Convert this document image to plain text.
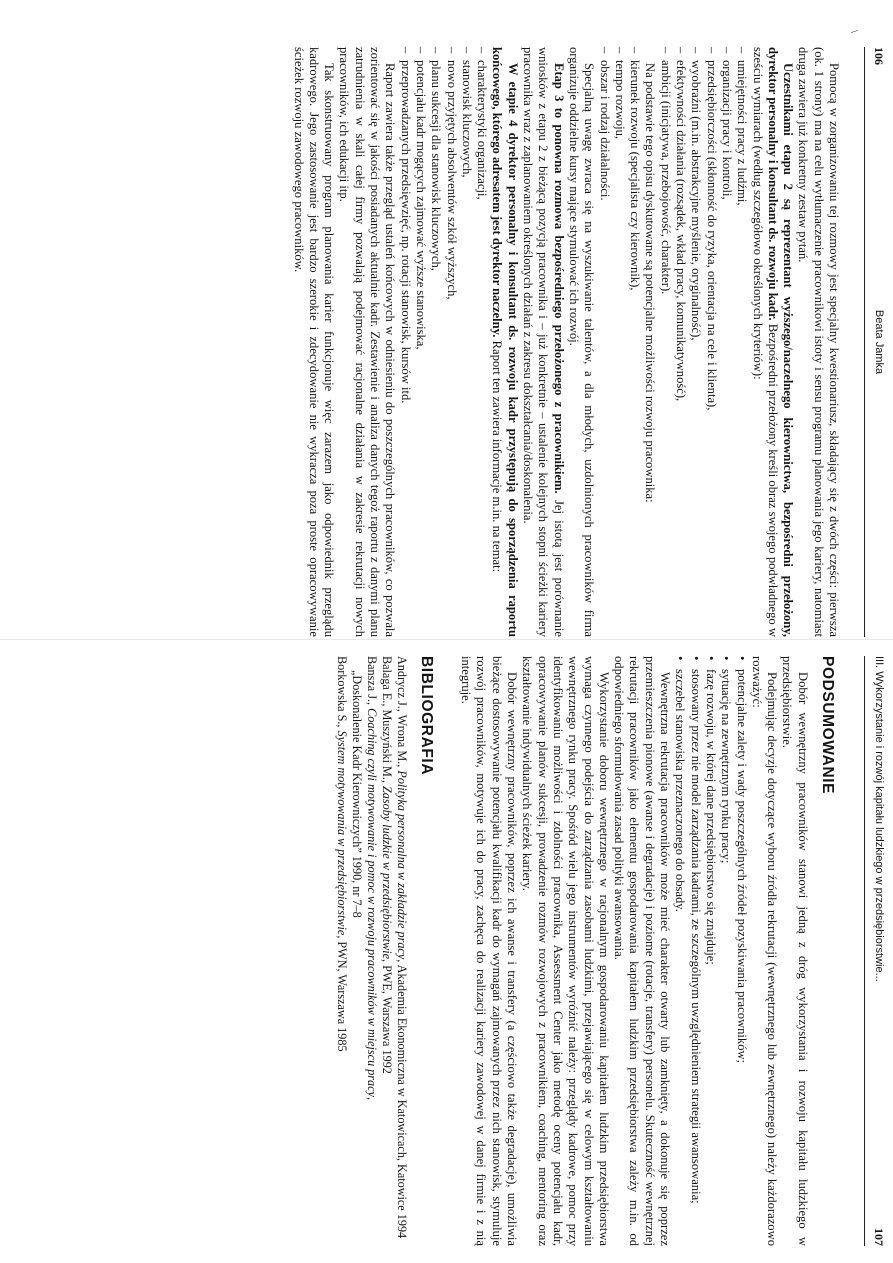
\
106
Beata Jamka

Pomocą w zorganizowaniu tej rozmowy jest specjalny kwestionariusz, składający się z dwóch części: pierwsza (ok. 1 strony) ma na celu wytłumaczenie pracownikowi istoty i sensu programu planowania jego kariery, natomiast druga zawiera już konkretny zestaw pytań.

Uczestnikami etapu 2 są reprezentant wyższego/naczelnego kierownictwa, bezpośredni przełożony, dyrektor personalny i konsultant ds. rozwoju kadr. Bezpośredni przełożony kreśli obraz swojego podwładnego w sześciu wymiarach (według szczegółowo określonych kryteriów):

– umiejętności pracy z ludźmi,
– organizacji pracy i kontroli,
– przedsiębiorczości (skłonność do ryzyka, orientacja na cele i klienta),
– wyobraźni (m.in. abstrakcyjne myślenie, oryginalność),
– efektywności działania (rozsądek, wkład pracy, komunikatywność),
– ambicji (inicjatywa, przebojowość, charakter).

Na podstawie tego opisu dyskutowane są potencjalne możliwości rozwoju pracownika:

– kierunek rozwoju (specjalista czy kierownik),
– tempo rozwoju,
– obszar i rodzaj działalności.

Specjalną uwagę zwraca się na wyszukiwanie talentów, a dla młodych, uzdolnionych pracowników firma organizuje oddzielne kursy mające stymulować ich rozwój.

Etap 3 to ponowna rozmowa bezpośredniego przełożonego z pracownikiem. Jej istotą jest porównanie wniosków z etapu 2 z bieżącą pozycją pracownika i – już konkretnie – ustalenie kolejnych stopni ścieżki kariery pracownika wraz z zaplanowaniem określonych działań z zakresu dokształcania/doskonalenia.

W etapie 4 dyrektor personalny i konsultant ds. rozwoju kadr przystępują do sporządzenia raportu końcowego, którego adresatem jest dyrektor naczelny. Raport ten zawiera informacje m.in. na temat:

– charakterystyki organizacji,
– stanowisk kluczowych,
– nowo przyjętych absolwentów szkół wyższych,
– planu sukcesji dla stanowisk kluczowych,
– potencjału kadr mogących zajmować wyższe stanowiska,
– przeprowadzanych przedsięwzięć, np. rotacji stanowisk, kursów itd.

Raport zawiera także przegląd ustaleń końcowych w odniesieniu do poszczególnych pracowników, co pozwala zorientować się w jakości posiadanych aktualnie kadr. Zestawienie i analiza danych tegoż raportu z danymi planu zatrudnienia w skali całej firmy pozwalają podejmować racjonalne działania w zakresie rekrutacji nowych pracowników, ich edukacji itp.

Tak skonstruowany program planowania karier funkcjonuje więc zarazem jako odpowiednik przeglądu kadrowego. Jego zastosowanie jest bardzo szerokie i zdecydowanie nie wykracza poza proste opracowywanie ścieżek rozwoju zawodowego pracowników.

III. Wykorzystanie i rozwój kapitału ludzkiego w przedsiębiorstwie...
107
PODSUMOWANIE

Dobór wewnętrzny pracowników stanowi jedną z dróg wykorzystania i rozwoju kapitału ludzkiego w przedsiębiorstwie.

Podejmując decyzje dotyczące wyboru źródła rekrutacji (wewnętrznego lub zewnętrznego) należy każdorazowo rozważyć:

• potencjalne zalety i wady poszczególnych źródeł pozyskiwania pracowników;
• sytuację na zewnętrznym rynku pracy;
• fazę rozwoju, w której dane przedsiębiorstwo się znajduje;
• stosowany przez nie model zarządzania kadrami, ze szczególnym uwzględnieniem strategii awansowania;
• szczebel stanowiska przeznaczonego do obsady.

Wewnętrzna rekrutacja pracowników może mieć charakter otwarty lub zamknięty, a dokonuje się poprzez przemieszczenia pionowe (awanse i degradacje) i poziome (rotacje, transfery) personelu. Skuteczność wewnętrznej rekrutacji pracowników jako elementu gospodarowania kapitałem ludzkim przedsiębiorstwa zależy m.in. od odpowiedniego sformułowania zasad polityki awansowania.

Wykorzystanie doboru wewnętrznego w racjonalnym gospodarowaniu kapitałem ludzkim przedsiębiorstwa wymaga czynnego podejścia do zarządzania zasobami ludzkimi, przejawiającego się w celowym kształtowaniu wewnętrznego rynku pracy. Spośród wielu jego instrumentów wyróżnić należy: przeglądy kadrowe, pomoc przy identyfikowaniu możliwości i zdolności pracownika, Assessment Center jako metodę oceny potencjału kadr, opracowywanie planów sukcesji, prowadzenie rozmów rozwojowych z pracownikiem, coaching, mentoring oraz kształtowanie indywidualnych ścieżek kariery.

Dobór wewnętrzny pracowników, poprzez ich awanse i transfery (a częściowo także degradacje), umożliwia bieżące dostosowywanie potencjału kwalifikacji kadr do wymagań zajmowanych przez nich stanowisk, stymuluje rozwój pracowników, motywuje ich do pracy, zachęca do realizacji kariery zawodowej w danej firmie i z nią integruje.

BIBLIOGRAFIA

Andrycz J., Wrona M., Polityka personalna w zakładzie pracy, Akademia Ekonomiczna w Katowicach, Katowice 1994

Balaga E., Muszyński M., Zasoby ludzkie w przedsiębiorstwie, PWE, Warszawa 1992

Bansza J., Coaching czyli motywowanie i pomoc w rozwoju pracowników w miejscu pracy,

„Doskonalenie Kadr Kierowniczych” 1990, nr 7–8

Borkowska S., System motywowania w przedsiębiorstwie, PWN, Warszawa 1985
